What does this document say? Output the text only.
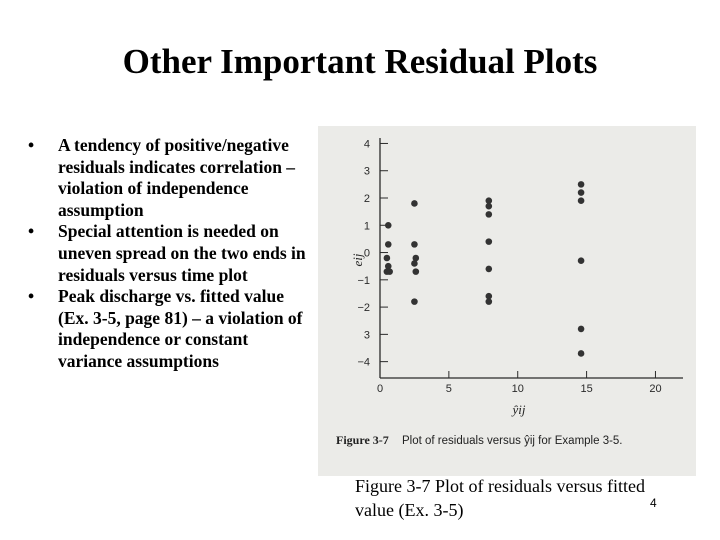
Other Important Residual Plots
• A tendency of positive/negative residuals indicates correlation – violation of independence assumption
• Special attention is needed on uneven spread on the two ends in residuals versus time plot
• Peak discharge vs. fitted value (Ex. 3-5, page 81) – a violation of independence or constant variance assumptions
4
3
2
1
0
−1
−2
3
−4
0	5	10	15	20
eij
ŷij
Figure 3-7 Plot of residuals versus ŷij for Example 3-5.
Figure 3-7 Plot of residuals versus fitted value (Ex. 3-5)	4
